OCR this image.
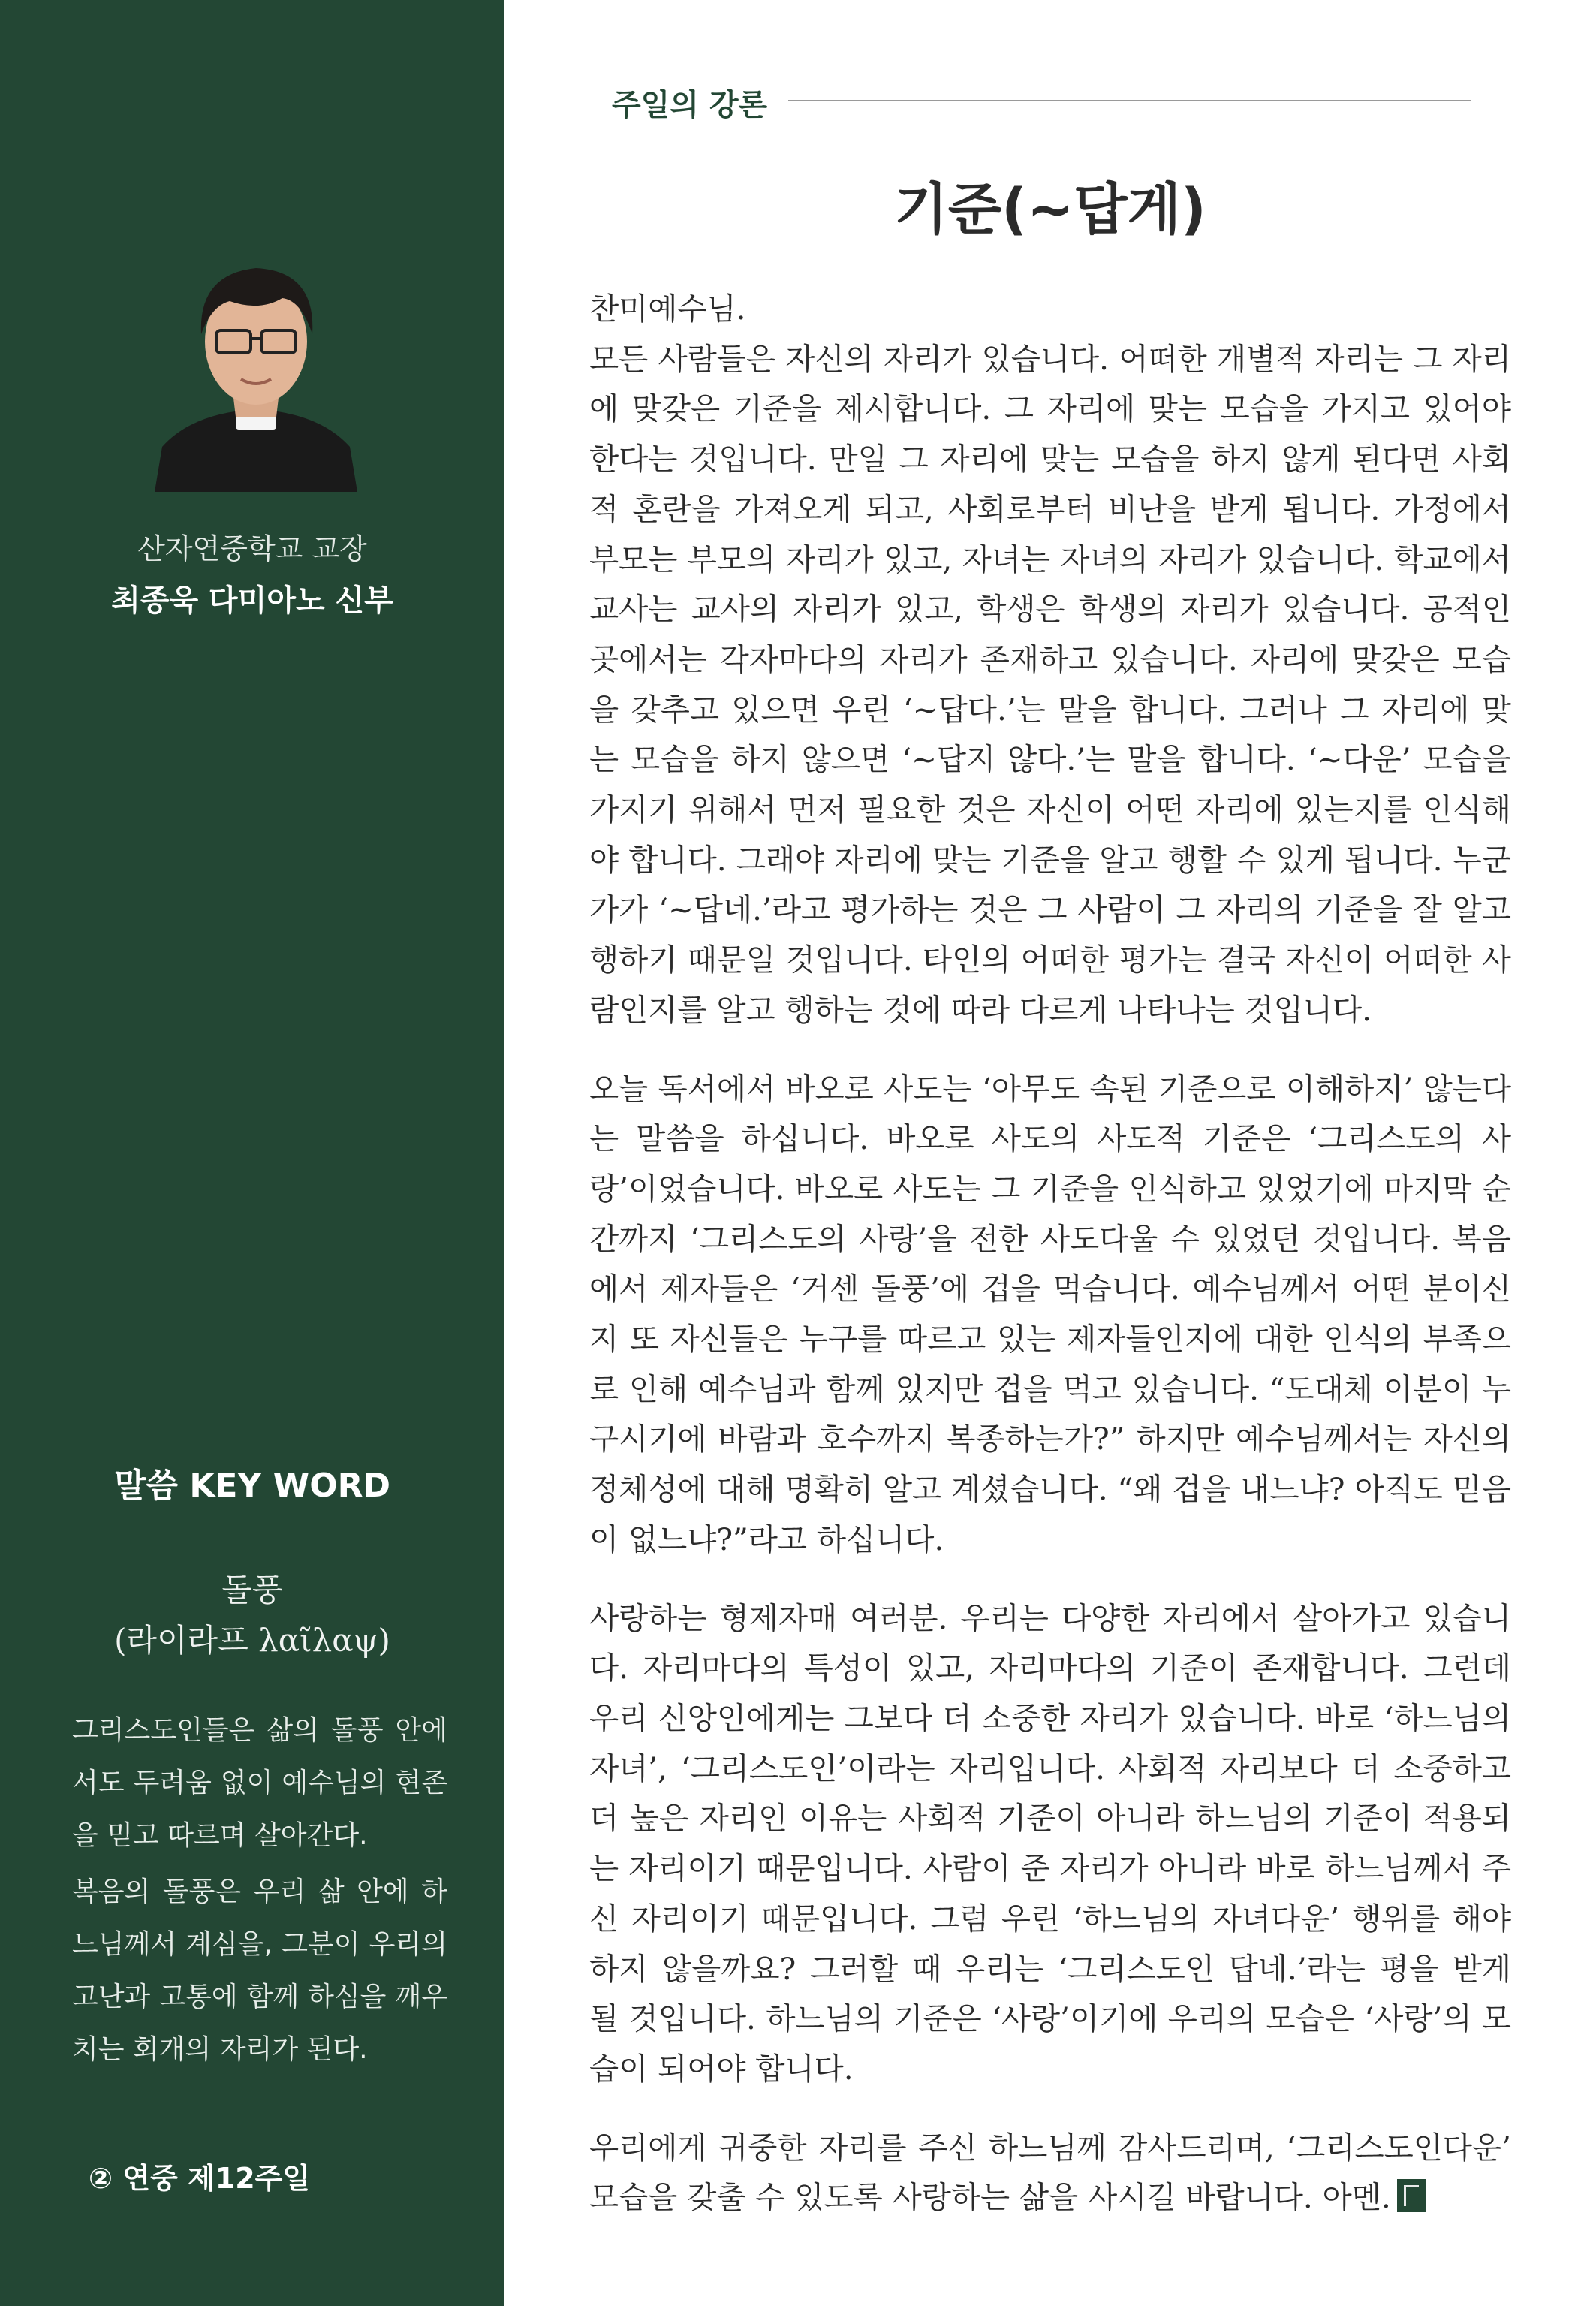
산자연중학교 교장
최종욱 다미아노 신부
말씀 KEY WORD
돌풍
(라이라프 λαῖλαψ)
그리스도인들은 삶의 돌풍 안에서도 두려움 없이 예수님의 현존을 믿고 따르며 살아간다.
복음의 돌풍은 우리 삶 안에 하느님께서 계심을, 그분이 우리의 고난과 고통에 함께 하심을 깨우치는 회개의 자리가 된다.
② 연중 제12주일
주일의 강론
기준(~답게)

찬미예수님.

모든 사람들은 자신의 자리가 있습니다. 어떠한 개별적 자리는 그 자리에 맞갖은 기준을 제시합니다. 그 자리에 맞는 모습을 가지고 있어야 한다는 것입니다. 만일 그 자리에 맞는 모습을 하지 않게 된다면 사회적 혼란을 가져오게 되고, 사회로부터 비난을 받게 됩니다. 가정에서 부모는 부모의 자리가 있고, 자녀는 자녀의 자리가 있습니다. 학교에서 교사는 교사의 자리가 있고, 학생은 학생의 자리가 있습니다. 공적인 곳에서는 각자마다의 자리가 존재하고 있습니다. 자리에 맞갖은 모습을 갖추고 있으면 우린 ‘~답다.’는 말을 합니다. 그러나 그 자리에 맞는 모습을 하지 않으면 ‘~답지 않다.’는 말을 합니다. ‘~다운’ 모습을 가지기 위해서 먼저 필요한 것은 자신이 어떤 자리에 있는지를 인식해야 합니다. 그래야 자리에 맞는 기준을 알고 행할 수 있게 됩니다. 누군가가 ‘~답네.’라고 평가하는 것은 그 사람이 그 자리의 기준을 잘 알고 행하기 때문일 것입니다. 타인의 어떠한 평가는 결국 자신이 어떠한 사람인지를 알고 행하는 것에 따라 다르게 나타나는 것입니다.

오늘 독서에서 바오로 사도는 ‘아무도 속된 기준으로 이해하지’ 않는다는 말씀을 하십니다. 바오로 사도의 사도적 기준은 ‘그리스도의 사랑’이었습니다. 바오로 사도는 그 기준을 인식하고 있었기에 마지막 순간까지 ‘그리스도의 사랑’을 전한 사도다울 수 있었던 것입니다. 복음에서 제자들은 ‘거센 돌풍’에 겁을 먹습니다. 예수님께서 어떤 분이신지 또 자신들은 누구를 따르고 있는 제자들인지에 대한 인식의 부족으로 인해 예수님과 함께 있지만 겁을 먹고 있습니다. “도대체 이분이 누구시기에 바람과 호수까지 복종하는가?” 하지만 예수님께서는 자신의 정체성에 대해 명확히 알고 계셨습니다. “왜 겁을 내느냐? 아직도 믿음이 없느냐?”라고 하십니다.

사랑하는 형제자매 여러분. 우리는 다양한 자리에서 살아가고 있습니다. 자리마다의 특성이 있고, 자리마다의 기준이 존재합니다. 그런데 우리 신앙인에게는 그보다 더 소중한 자리가 있습니다. 바로 ‘하느님의 자녀’, ‘그리스도인’이라는 자리입니다. 사회적 자리보다 더 소중하고 더 높은 자리인 이유는 사회적 기준이 아니라 하느님의 기준이 적용되는 자리이기 때문입니다. 사람이 준 자리가 아니라 바로 하느님께서 주신 자리이기 때문입니다. 그럼 우린 ‘하느님의 자녀다운’ 행위를 해야 하지 않을까요? 그러할 때 우리는 ‘그리스도인 답네.’라는 평을 받게 될 것입니다. 하느님의 기준은 ‘사랑’이기에 우리의 모습은 ‘사랑’의 모습이 되어야 합니다.

우리에게 귀중한 자리를 주신 하느님께 감사드리며, ‘그리스도인다운’ 모습을 갖출 수 있도록 사랑하는 삶을 사시길 바랍니다. 아멘.
